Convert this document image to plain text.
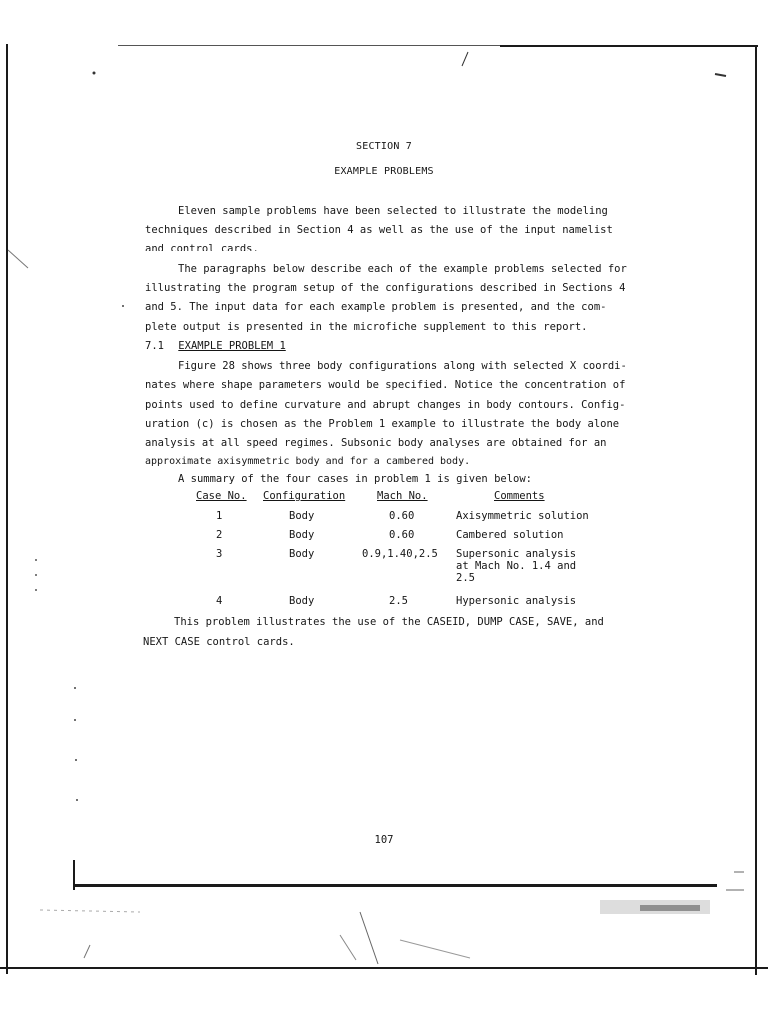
SECTION 7
EXAMPLE PROBLEMS
Eleven sample problems have been selected to illustrate the modeling
techniques described in Section 4 as well as the use of the input namelist
and control cards.
The paragraphs below describe each of the example problems selected for
illustrating the program setup of the configurations described in Sections 4
and 5. The input data for each example problem is presented, and the com-
plete output is presented in the microfiche supplement to this report.
7.1 EXAMPLE PROBLEM 1
Figure 28 shows three body configurations along with selected X coordi-
nates where shape parameters would be specified. Notice the concentration of
points used to define curvature and abrupt changes in body contours. Config-
uration (c) is chosen as the Problem 1 example to illustrate the body alone
analysis at all speed regimes. Subsonic body analyses are obtained for an
approximate axisymmetric body and for a cambered body.
A summary of the four cases in problem 1 is given below:
Case No. Configuration	Mach No.	Comments
1	Body	0.60	Axisymmetric solution
2	Body	0.60	Cambered solution
3	Body	0.9,1.40,2.5 Supersonic analysis
at Mach No. 1.4 and
2.5
4	Body	2.5	Hypersonic analysis
This problem illustrates the use of the CASEID, DUMP CASE, SAVE, and
NEXT CASE control cards.
107
